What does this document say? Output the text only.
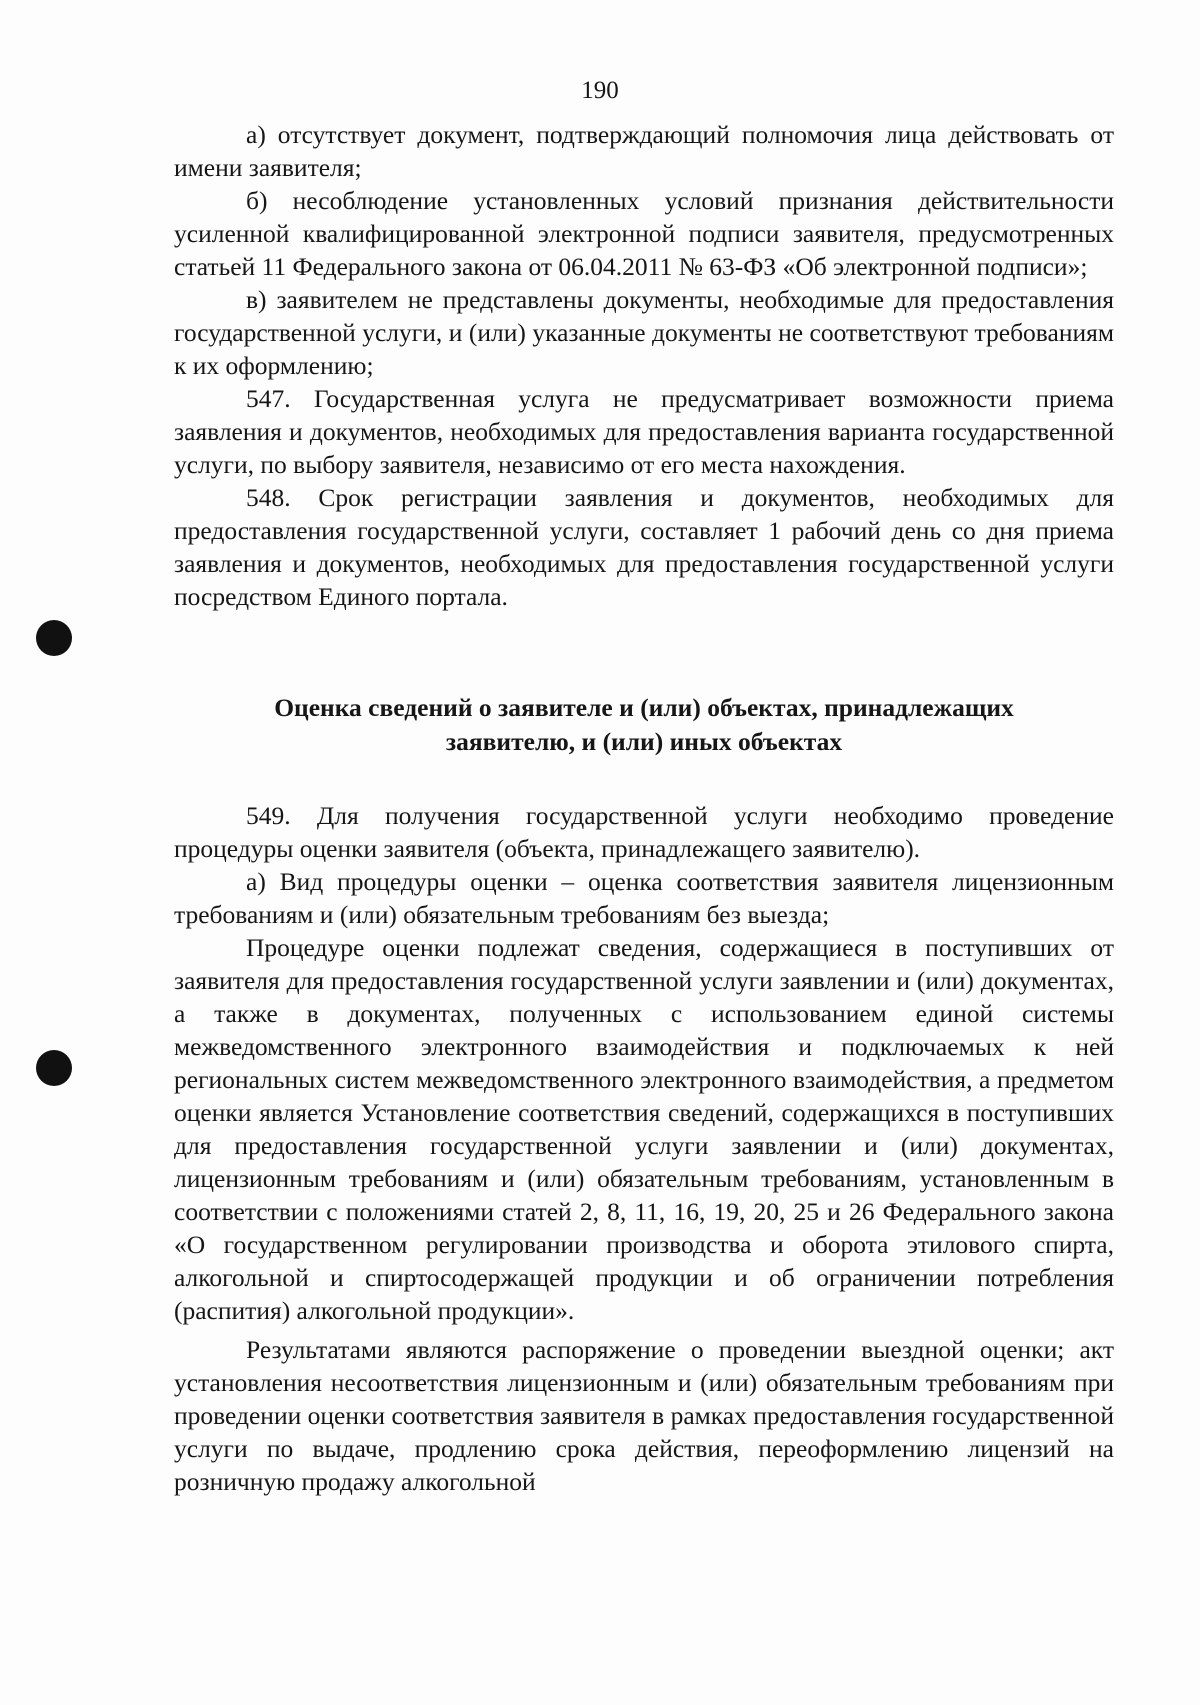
190

а) отсутствует документ, подтверждающий полномочия лица действовать от имени заявителя;

б) несоблюдение установленных условий признания действительности усиленной квалифицированной электронной подписи заявителя, предусмотренных статьей 11 Федерального закона от 06.04.2011 № 63-ФЗ «Об электронной подписи»;

в) заявителем не представлены документы, необходимые для предоставления государственной услуги, и (или) указанные документы не соответствуют требованиям к их оформлению;

547. Государственная услуга не предусматривает возможности приема заявления и документов, необходимых для предоставления варианта государственной услуги, по выбору заявителя, независимо от его места нахождения.

548. Срок регистрации заявления и документов, необходимых для предоставления государственной услуги, составляет 1 рабочий день со дня приема заявления и документов, необходимых для предоставления государственной услуги посредством Единого портала.

Оценка сведений о заявителе и (или) объектах, принадлежащих

заявителю, и (или) иных объектах

549. Для получения государственной услуги необходимо проведение процедуры оценки заявителя (объекта, принадлежащего заявителю).

а) Вид процедуры оценки – оценка соответствия заявителя лицензионным требованиям и (или) обязательным требованиям без выезда;

Процедуре оценки подлежат сведения, содержащиеся в поступивших от заявителя для предоставления государственной услуги заявлении и (или) документах, а также в документах, полученных с использованием единой системы межведомственного электронного взаимодействия и подключаемых к ней региональных систем межведомственного электронного взаимодействия, а предметом оценки является Установление соответствия сведений, содержащихся в поступивших для предоставления государственной услуги заявлении и (или) документах, лицензионным требованиям и (или) обязательным требованиям, установленным в соответствии с положениями статей 2, 8, 11, 16, 19, 20, 25 и 26 Федерального закона «О государственном регулировании производства и оборота этилового спирта, алкогольной и спиртосодержащей продукции и об ограничении потребления (распития) алкогольной продукции».

Результатами являются распоряжение о проведении выездной оценки; акт установления несоответствия лицензионным и (или) обязательным требованиям при проведении оценки соответствия заявителя в рамках предоставления государственной услуги по выдаче, продлению срока действия, переоформлению лицензий на розничную продажу алкогольной
